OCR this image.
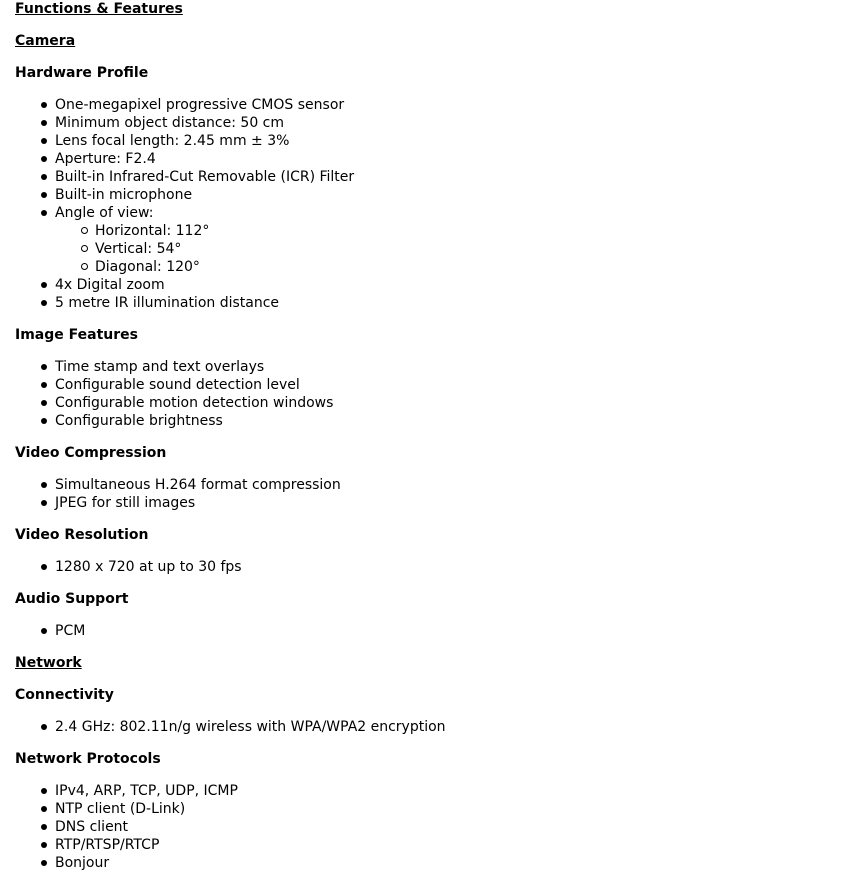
Functions & Features
Camera
Hardware Profile
One-megapixel progressive CMOS sensor
Minimum object distance: 50 cm
Lens focal length: 2.45 mm ± 3%
Aperture: F2.4
Built-in Infrared-Cut Removable (ICR) Filter
Built-in microphone
Angle of view:
Horizontal: 112°
Vertical: 54°
Diagonal: 120°
4x Digital zoom
5 metre IR illumination distance
Image Features
Time stamp and text overlays
Configurable sound detection level
Configurable motion detection windows
Configurable brightness
Video Compression
Simultaneous H.264 format compression
JPEG for still images
Video Resolution
1280 x 720 at up to 30 fps
Audio Support
PCM
Network
Connectivity
2.4 GHz: 802.11n/g wireless with WPA/WPA2 encryption
Network Protocols
IPv4, ARP, TCP, UDP, ICMP
NTP client (D-Link)
DNS client
RTP/RTSP/RTCP
Bonjour
